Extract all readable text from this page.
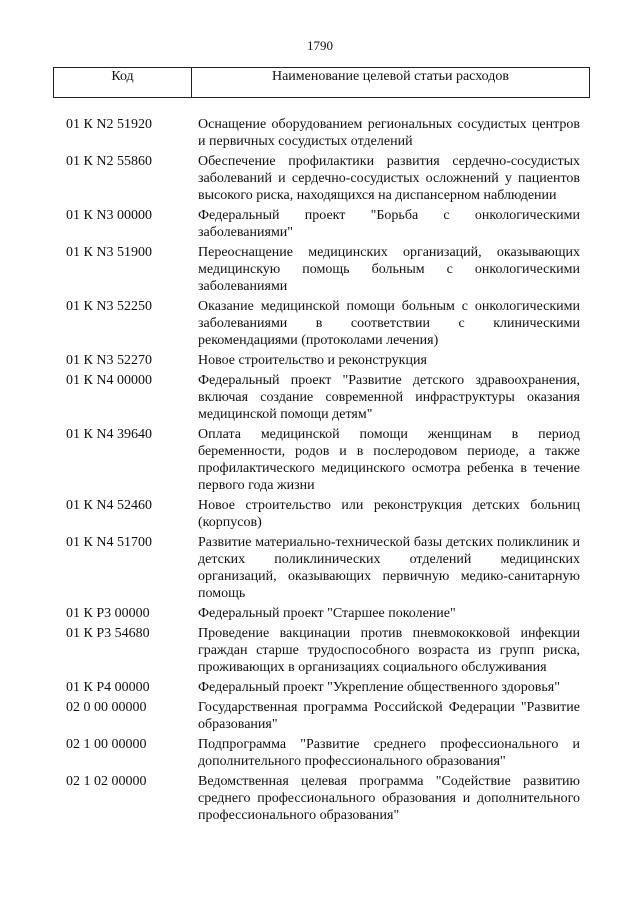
1790
Код	Наименование целевой статьи расходов
01 К N2 51920	Оснащение оборудованием региональных сосудистых центров и первичных сосудистых отделений
01 К N2 55860	Обеспечение профилактики развития сердечно-сосудистых заболеваний и сердечно-сосудистых осложнений у пациентов высокого риска, находящихся на диспансерном наблюдении
01 К N3 00000	Федеральный проект "Борьба с онкологическими заболеваниями"
01 К N3 51900	Переоснащение медицинских организаций, оказывающих медицинскую помощь больным с онкологическими заболеваниями
01 К N3 52250	Оказание медицинской помощи больным с онкологическими заболеваниями в соответствии с клиническими рекомендациями (протоколами лечения)
01 К N3 52270	Новое строительство и реконструкция
01 К N4 00000	Федеральный проект "Развитие детского здравоохранения, включая создание современной инфраструктуры оказания медицинской помощи детям"
01 К N4 39640	Оплата медицинской помощи женщинам в период беременности, родов и в послеродовом периоде, а также профилактического медицинского осмотра ребенка в течение первого года жизни
01 К N4 52460	Новое строительство или реконструкция детских больниц (корпусов)
01 К N4 51700	Развитие материально-технической базы детских поликлиник и детских поликлинических отделений медицинских организаций, оказывающих первичную медико-санитарную помощь
01 К P3 00000	Федеральный проект "Старшее поколение"
01 К P3 54680	Проведение вакцинации против пневмококковой инфекции граждан старше трудоспособного возраста из групп риска, проживающих в организациях социального обслуживания
01 К P4 00000	Федеральный проект "Укрепление общественного здоровья"
02 0 00 00000	Государственная программа Российской Федерации "Развитие образования"
02 1 00 00000	Подпрограмма "Развитие среднего профессионального и дополнительного профессионального образования"
02 1 02 00000	Ведомственная целевая программа "Содействие развитию среднего профессионального образования и дополнительного профессионального образования"
